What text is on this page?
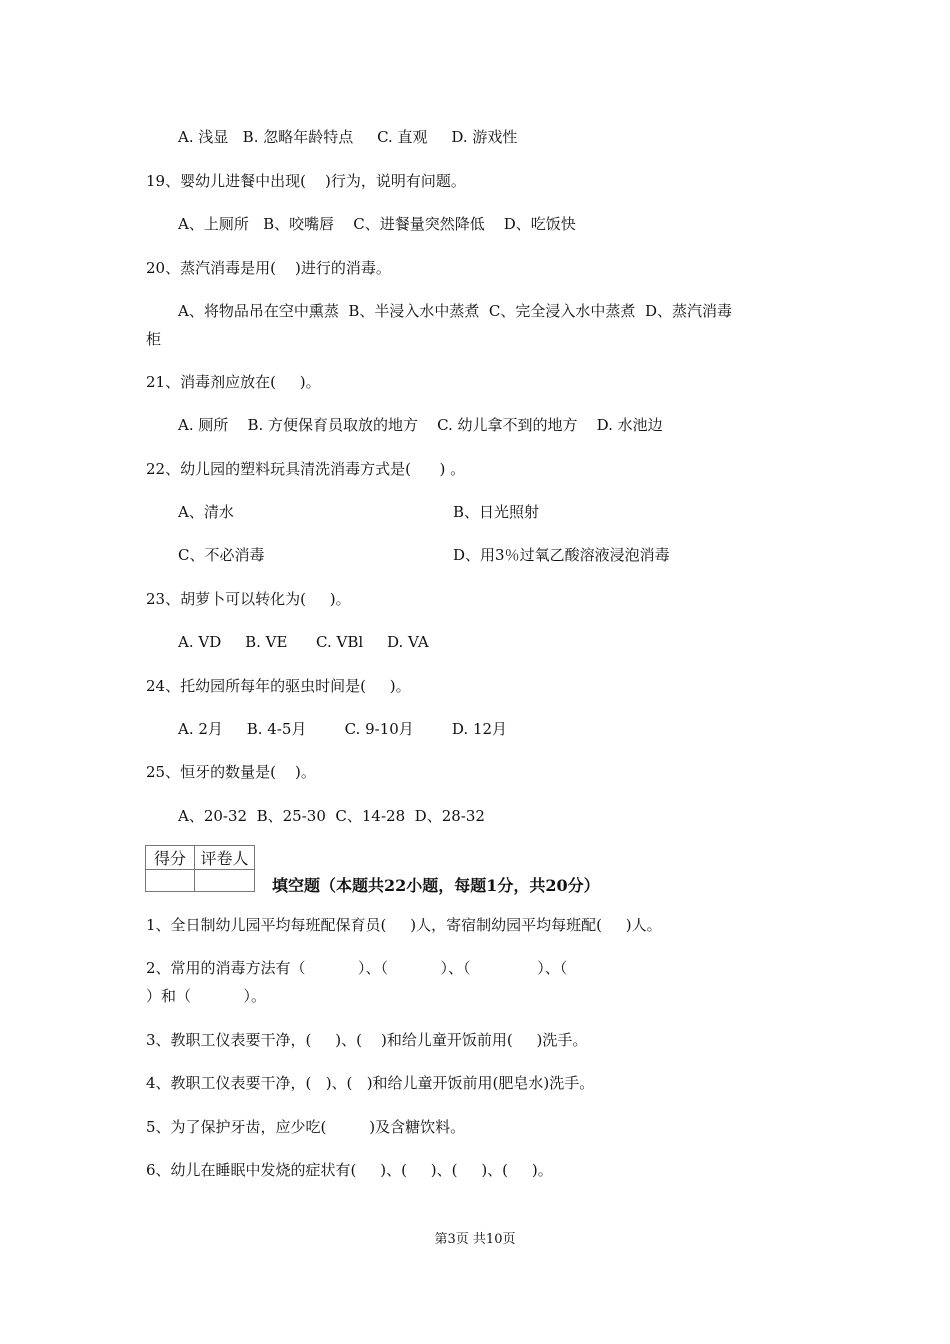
A. 浅显   B. 忽略年龄特点     C. 直观     D. 游戏性
19、婴幼儿进餐中出现(    )行为，说明有问题。
A、上厕所   B、咬嘴唇    C、进餐量突然降低    D、吃饭快
20、蒸汽消毒是用(    )进行的消毒。
A、将物品吊在空中熏蒸  B、半浸入水中蒸煮  C、完全浸入水中蒸煮  D、蒸汽消毒
柜
21、消毒剂应放在(     )。
A. 厕所    B. 方便保育员取放的地方    C. 幼儿拿不到的地方    D. 水池边
22、幼儿园的塑料玩具清洗消毒方式是(      ) 。
A、清水	B、日光照射
C、不必消毒	D、用3％过氧乙酸溶液浸泡消毒
23、胡萝卜可以转化为(     )。
A. VD     B. VE      C. VBl     D. VA
24、托幼园所每年的驱虫时间是(     )。
A. 2月     B. 4-5月        C. 9-10月        D. 12月
25、恒牙的数量是(    )。
A、20-32  B、25-30  C、14-28  D、28-32
得分	评卷人

填空题（本题共22小题，每题1分，共20分）
1、全日制幼儿园平均每班配保育员(     )人，寄宿制幼园平均每班配(     )人。
2、常用的消毒方法有（           ）、（           ）、（              ）、（
）和（           ）。
3、教职工仪表要干净，(     )、(    )和给儿童开饭前用(     )洗手。
4、教职工仪表要干净，(   )、(   )和给儿童开饭前用(肥皂水)洗手。
5、为了保护牙齿，应少吃(         )及含糖饮料。
6、幼儿在睡眠中发烧的症状有(     )、(     )、(     )、(     )。
第3页 共10页
